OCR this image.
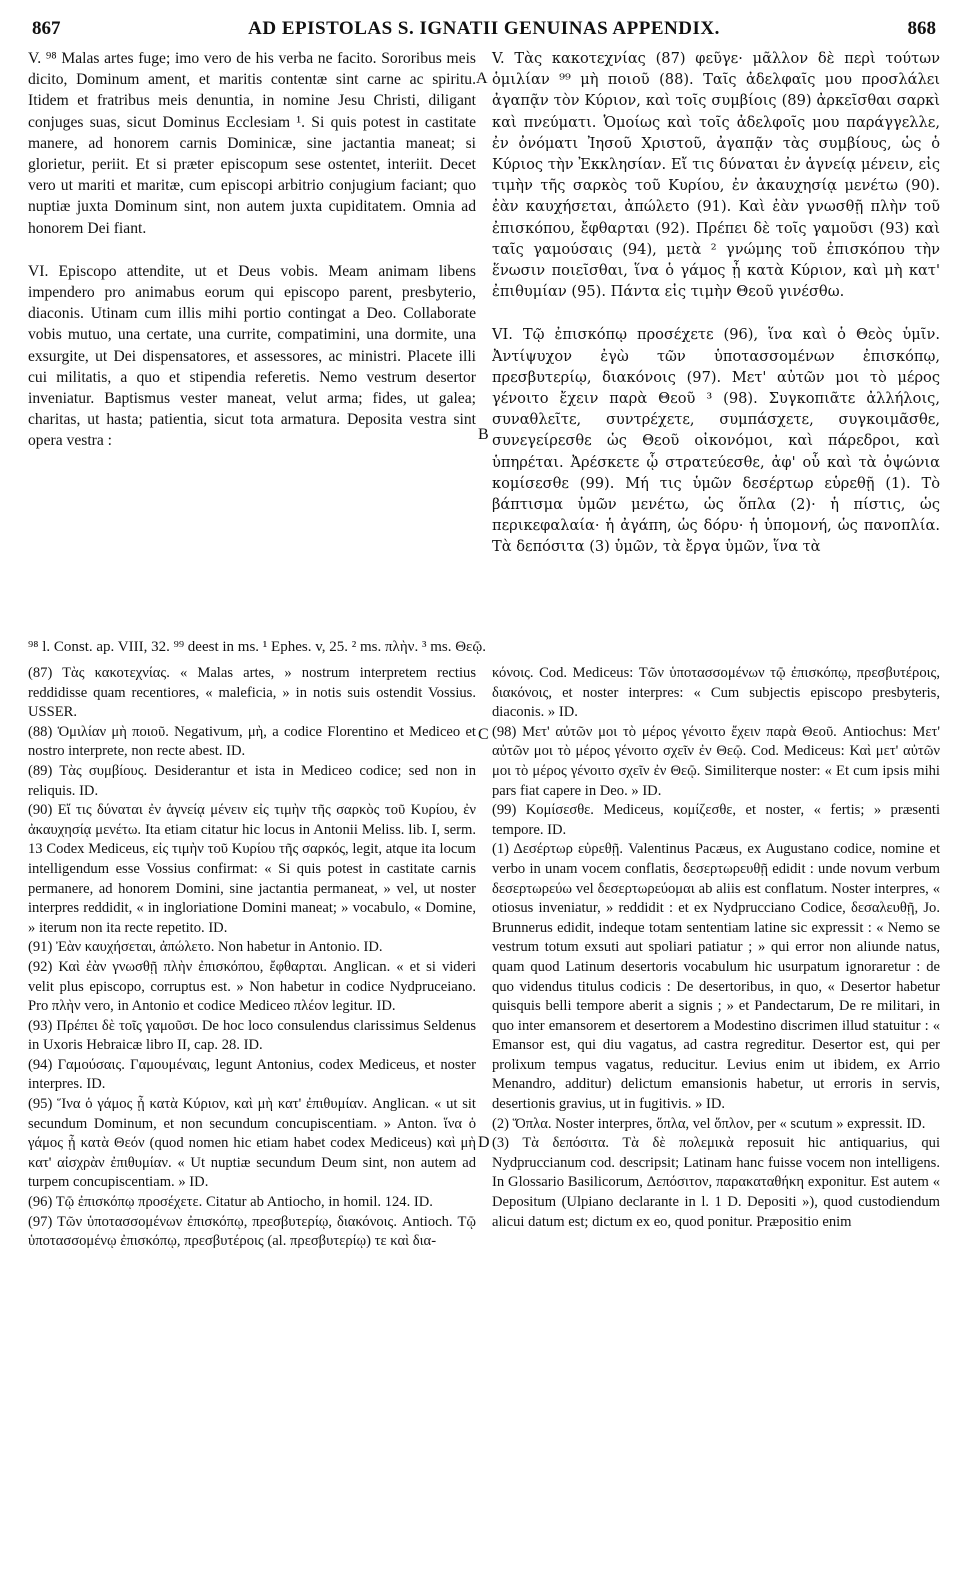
867	AD EPISTOLAS S. IGNATII GENUINAS APPENDIX.	868

V. ⁹⁸ Malas artes fuge; imo vero de his verba ne facito. Sororibus meis dicito, Dominum ament, et maritis contentæ sint carne ac spiritu. Itidem et fratribus meis denuntia, in nomine Jesu Christi, diligant conjuges suas, sicut Dominus Ecclesiam ¹. Si quis potest in castitate manere, ad honorem carnis Dominicæ, sine jactantia maneat; si glorietur, periit. Et si præter episcopum sese ostentet, interiit. Decet vero ut mariti et maritæ, cum episcopi arbitrio conjugium faciant; quo nuptiæ juxta Dominum sint, non autem juxta cupiditatem. Omnia ad honorem Dei fiant.

VI. Episcopo attendite, ut et Deus vobis. Meam animam libens impendero pro animabus eorum qui episcopo parent, presbyterio, diaconis. Utinam cum illis mihi portio contingat a Deo. Collaborate vobis mutuo, una certate, una currite, compatimini, una dormite, una exsurgite, ut Dei dispensatores, et assessores, ac ministri. Placete illi cui militatis, a quo et stipendia referetis. Nemo vestrum desertor inveniatur. Baptismus vester maneat, velut arma; fides, ut galea; charitas, ut hasta; patientia, sicut tota armatura. Deposita vestra sint opera vestra :

V. Τὰς κακοτεχνίας (87) φεῦγε· μᾶλλον δὲ περὶ τούτων ὁμιλίαν ⁹⁹ μὴ ποιοῦ (88). Ταῖς ἀδελφαῖς μου προσλάλει ἀγαπᾷν τὸν Κύριον, καὶ τοῖς συμβίοις (89) ἀρκεῖσθαι σαρκὶ καὶ πνεύματι. Ὁμοίως καὶ τοῖς ἀδελφοῖς μου παράγγελλε, ἐν ὀνόματι Ἰησοῦ Χριστοῦ, ἀγαπᾷν τὰς συμβίους, ὡς ὁ Κύριος τὴν Ἐκκλησίαν. Εἴ τις δύναται ἐν ἁγνείᾳ μένειν, εἰς τιμὴν τῆς σαρκὸς τοῦ Κυρίου, ἐν ἀκαυχησίᾳ μενέτω (90). ἐὰν καυχήσεται, ἀπώλετο (91). Καὶ ἐὰν γνωσθῇ πλὴν τοῦ ἐπισκόπου, ἔφθαρται (92). Πρέπει δὲ τοῖς γαμοῦσι (93) καὶ ταῖς γαμούσαις (94), μετὰ ² γνώμης τοῦ ἐπισκόπου τὴν ἕνωσιν ποιεῖσθαι, ἵνα ὁ γάμος ᾖ κατὰ Κύριον, καὶ μὴ κατ' ἐπιθυμίαν (95). Πάντα εἰς τιμὴν Θεοῦ γινέσθω.

VI. Τῷ ἐπισκόπῳ προσέχετε (96), ἵνα καὶ ὁ Θεὸς ὑμῖν. Ἀντίψυχον ἐγὼ τῶν ὑποτασσομένων ἐπισκόπῳ, πρεσβυτερίῳ, διακόνοις (97). Μετ' αὐτῶν μοι τὸ μέρος γένοιτο ἔχειν παρὰ Θεοῦ ³ (98). Συγκοπιᾶτε ἀλλήλοις, συναθλεῖτε, συντρέχετε, συμπάσχετε, συγκοιμᾶσθε, συνεγείρεσθε ὡς Θεοῦ οἰκονόμοι, καὶ πάρεδροι, καὶ ὑπηρέται. Ἀρέσκετε ᾧ στρατεύεσθε, ἀφ' οὗ καὶ τὰ ὀψώνια κομίσεσθε (99). Μή τις ὑμῶν δεσέρτωρ εὑρεθῇ (1). Τὸ βάπτισμα ὑμῶν μενέτω, ὡς ὅπλα (2)· ἡ πίστις, ὡς περικεφαλαία· ἡ ἀγάπη, ὡς δόρυ· ἡ ὑπομονή, ὡς πανοπλία. Τὰ δεπόσιτα (3) ὑμῶν, τὰ ἔργα ὑμῶν, ἵνα τὰ

A
B
⁹⁸ l. Const. ap. VIII, 32. ⁹⁹ deest in ms. ¹ Ephes. v, 25. ² ms. πλὴν. ³ ms. Θεῷ.

(87) Τὰς κακοτεχνίας. « Malas artes, » nostrum interpretem rectius reddidisse quam recentiores, « maleficia, » in notis suis ostendit Vossius. USSER.

(88) Ὁμιλίαν μὴ ποιοῦ. Negativum, μὴ, a codice Florentino et Mediceo et nostro interprete, non recte abest. ID.

(89) Τὰς συμβίους. Desiderantur et ista in Mediceo codice; sed non in reliquis. ID.

(90) Εἴ τις δύναται ἐν ἁγνείᾳ μένειν εἰς τιμὴν τῆς σαρκὸς τοῦ Κυρίου, ἐν ἀκαυχησίᾳ μενέτω. Ita etiam citatur hic locus in Antonii Meliss. lib. I, serm. 13 Codex Mediceus, εἰς τιμὴν τοῦ Κυρίου τῆς σαρκός, legit, atque ita locum intelligendum esse Vossius confirmat: « Si quis potest in castitate carnis permanere, ad honorem Domini, sine jactantia permaneat, » vel, ut noster interpres reddidit, « in ingloriatione Domini maneat; » vocabulo, « Domine, » iterum non ita recte repetito. ID.

(91) Ἐὰν καυχήσεται, ἀπώλετο. Non habetur in Antonio. ID.

(92) Καὶ ἐὰν γνωσθῇ πλὴν ἐπισκόπου, ἔφθαρται. Anglican. « et si videri velit plus episcopo, corruptus est. » Non habetur in codice Nydpruceiano. Pro πλὴν vero, in Antonio et codice Mediceo πλέον legitur. ID.

(93) Πρέπει δὲ τοῖς γαμοῦσι. De hoc loco consulendus clarissimus Seldenus in Uxoris Hebraicæ libro II, cap. 28. ID.

(94) Γαμούσαις. Γαμουμέναις, legunt Antonius, codex Mediceus, et noster interpres. ID.

(95) Ἵνα ὁ γάμος ᾖ κατὰ Κύριον, καὶ μὴ κατ' ἐπιθυμίαν. Anglican. « ut sit secundum Dominum, et non secundum concupiscentiam. » Anton. ἵνα ὁ γάμος ᾖ κατὰ Θεόν (quod nomen hic etiam habet codex Mediceus) καὶ μὴ κατ' αἰσχρὰν ἐπιθυμίαν. « Ut nuptiæ secundum Deum sint, non autem ad turpem concupiscentiam. » ID.

(96) Τῷ ἐπισκόπῳ προσέχετε. Citatur ab Antiocho, in homil. 124. ID.

(97) Τῶν ὑποτασσομένων ἐπισκόπῳ, πρεσβυτερίῳ, διακόνοις. Antioch. Τῷ ὑποτασσομένῳ ἐπισκόπῳ, πρεσβυτέροις (al. πρεσβυτερίῳ) τε καὶ δια-

κόνοις. Cod. Mediceus: Τῶν ὑποτασσομένων τῷ ἐπισκόπῳ, πρεσβυτέροις, διακόνοις, et noster interpres: « Cum subjectis episcopo presbyteris, diaconis. » ID.

(98) Μετ' αὐτῶν μοι τὸ μέρος γένοιτο ἔχειν παρὰ Θεοῦ. Antiochus: Μετ' αὐτῶν μοι τὸ μέρος γένοιτο σχεῖν ἐν Θεῷ. Cod. Mediceus: Καὶ μετ' αὐτῶν μοι τὸ μέρος γένοιτο σχεῖν ἐν Θεῷ. Similiterque noster: « Et cum ipsis mihi pars fiat capere in Deo. » ID.

(99) Κομίσεσθε. Mediceus, κομίζεσθε, et noster, « fertis; » præsenti tempore. ID.

(1) Δεσέρτωρ εὑρεθῇ. Valentinus Pacæus, ex Augustano codice, nomine et verbo in unam vocem conflatis, δεσερτωρευθῇ edidit : unde novum verbum δεσερτωρεύω vel δεσερτωρεύομαι ab aliis est conflatum. Noster interpres, « otiosus inveniatur, » reddidit : et ex Nydprucciano Codice, δεσαλευθῇ, Jo. Brunnerus edidit, indeque totam sententiam latine sic expressit : « Nemo se vestrum totum exsuti aut spoliari patiatur ; » qui error non aliunde natus, quam quod Latinum desertoris vocabulum hic usurpatum ignoraretur : de quo videndus titulus codicis : De desertoribus, in quo, « Desertor habetur quisquis belli tempore aberit a signis ; » et Pandectarum, De re militari, in quo inter emansorem et desertorem a Modestino discrimen illud statuitur : « Emansor est, qui diu vagatus, ad castra regreditur. Desertor est, qui per prolixum tempus vagatus, reducitur. Levius enim ut ibidem, ex Arrio Menandro, additur) delictum emansionis habetur, ut erroris in servis, desertionis gravius, ut in fugitivis. » ID.

(2) Ὅπλα. Noster interpres, ὅπλα, vel ὅπλον, per « scutum » expressit. ID.

(3) Τὰ δεπόσιτα. Τὰ δὲ πολεμικὰ reposuit hic antiquarius, qui Nydpruccianum cod. descripsit; Latinam hanc fuisse vocem non intelligens. In Glossario Basilicorum, Δεπόσιτον, παρακαταθήκη exponitur. Est autem « Depositum (Ulpiano declarante in l. 1 D. Depositi »), quod custodiendum alicui datum est; dictum ex eo, quod ponitur. Præpositio enim

C
D
